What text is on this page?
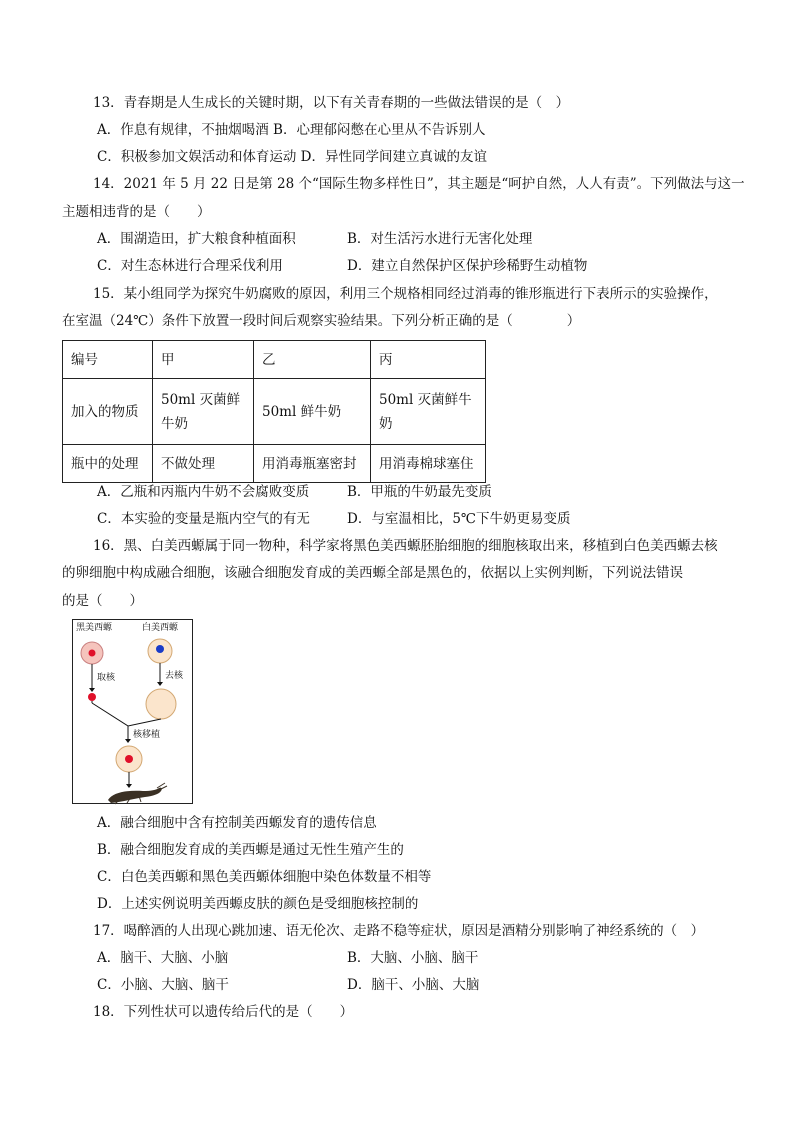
13．青春期是人生成长的关键时期，以下有关青春期的一些做法错误的是（　）
A．作息有规律，不抽烟喝酒 B．心理郁闷憋在心里从不告诉别人
C．积极参加文娱活动和体育运动 D．异性同学间建立真诚的友谊
14．2021 年 5 月 22 日是第 28 个“国际生物多样性日”，其主题是“呵护自然，人人有责”。下列做法与这一
主题相违背的是（　　）
A．围湖造田，扩大粮食种植面积	B．对生活污水进行无害化处理
C．对生态林进行合理采伐利用	D．建立自然保护区保护珍稀野生动植物
15．某小组同学为探究牛奶腐败的原因，利用三个规格相同经过消毒的锥形瓶进行下表所示的实验操作，
在室温（24℃）条件下放置一段时间后观察实验结果。下列分析正确的是（　　　　）
编号	甲	乙	丙
加入的物质	50ml 灭菌鲜牛奶	50ml 鲜牛奶	50ml 灭菌鲜牛奶
瓶中的处理	不做处理	用消毒瓶塞密封	用消毒棉球塞住
A．乙瓶和丙瓶内牛奶不会腐败变质	B．甲瓶的牛奶最先变质
C．本实验的变量是瓶内空气的有无	D．与室温相比，5℃下牛奶更易变质
16．黑、白美西螈属于同一物种，科学家将黑色美西螈胚胎细胞的细胞核取出来，移植到白色美西螈去核
的卵细胞中构成融合细胞，该融合细胞发育成的美西螈全部是黑色的，依据以上实例判断，下列说法错误
的是（　　）
黑美西螈	白美西螈
取核	去核
核移植
A．融合细胞中含有控制美西螈发育的遗传信息
B．融合细胞发育成的美西螈是通过无性生殖产生的
C．白色美西螈和黑色美西螈体细胞中染色体数量不相等
D．上述实例说明美西螈皮肤的颜色是受细胞核控制的
17．喝醉酒的人出现心跳加速、语无伦次、走路不稳等症状，原因是酒精分别影响了神经系统的（　）
A．脑干、大脑、小脑	B．大脑、小脑、脑干
C．小脑、大脑、脑干	D．脑干、小脑、大脑
18．下列性状可以遗传给后代的是（　　）
